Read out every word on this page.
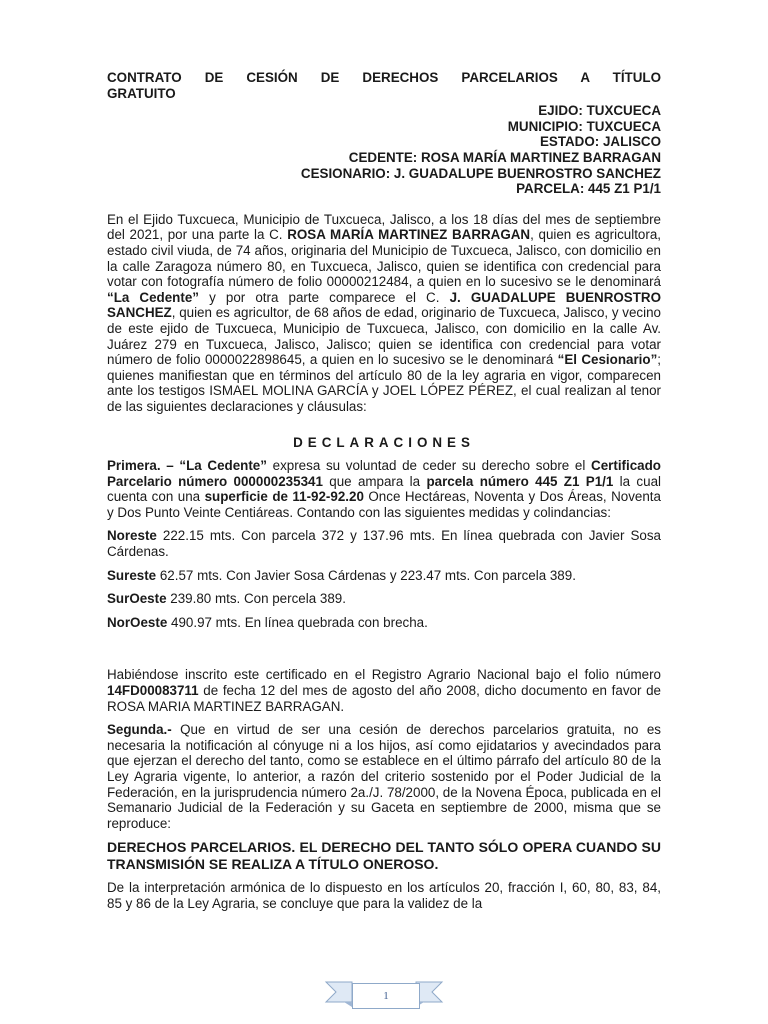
CONTRATO DE CESIÓN DE DERECHOS PARCELARIOS A TÍTULO
GRATUITO
EJIDO: TUXCUECA
MUNICIPIO: TUXCUECA
ESTADO: JALISCO
CEDENTE: ROSA MARÍA MARTINEZ BARRAGAN
CESIONARIO: J. GUADALUPE BUENROSTRO SANCHEZ
PARCELA: 445 Z1 P1/1

En el Ejido Tuxcueca, Municipio de Tuxcueca, Jalisco, a los 18 días del mes de septiembre del 2021, por una parte la C. ROSA MARÍA MARTINEZ BARRAGAN, quien es agricultora, estado civil viuda, de 74 años, originaria del Municipio de Tuxcueca, Jalisco, con domicilio en la calle Zaragoza número 80, en Tuxcueca, Jalisco, quien se identifica con credencial para votar con fotografía número de folio 00000212484, a quien en lo sucesivo se le denominará “La Cedente” y por otra parte comparece el C. J. GUADALUPE BUENROSTRO SANCHEZ, quien es agricultor, de 68 años de edad, originario de Tuxcueca, Jalisco, y vecino de este ejido de Tuxcueca, Municipio de Tuxcueca, Jalisco, con domicilio en la calle Av. Juárez 279 en Tuxcueca, Jalisco, Jalisco; quien se identifica con credencial para votar número de folio 0000022898645, a quien en lo sucesivo se le denominará “El Cesionario”; quienes manifiestan que en términos del artículo 80 de la ley agraria en vigor, comparecen ante los testigos ISMAEL MOLINA GARCÍA y JOEL LÓPEZ PÉREZ, el cual realizan al tenor de las siguientes declaraciones y cláusulas:

DECLARACIONES

Primera. – “La Cedente” expresa su voluntad de ceder su derecho sobre el Certificado Parcelario número 000000235341 que ampara la parcela número 445 Z1 P1/1 la cual cuenta con una superficie de 11-92-92.20 Once Hectáreas, Noventa y Dos Áreas, Noventa y Dos Punto Veinte Centiáreas. Contando con las siguientes medidas y colindancias:

Noreste 222.15 mts. Con parcela 372 y 137.96 mts. En línea quebrada con Javier Sosa Cárdenas.

Sureste 62.57 mts. Con Javier Sosa Cárdenas y 223.47 mts. Con parcela 389.

SurOeste 239.80 mts. Con percela 389.

NorOeste 490.97 mts. En línea quebrada con brecha.

Habiéndose inscrito este certificado en el Registro Agrario Nacional bajo el folio número 14FD00083711 de fecha 12 del mes de agosto del año 2008, dicho documento en favor de ROSA MARIA MARTINEZ BARRAGAN.

Segunda.- Que en virtud de ser una cesión de derechos parcelarios gratuita, no es necesaria la notificación al cónyuge ni a los hijos, así como ejidatarios y avecindados para que ejerzan el derecho del tanto, como se establece en el último párrafo del artículo 80 de la Ley Agraria vigente, lo anterior, a razón del criterio sostenido por el Poder Judicial de la Federación, en la jurisprudencia número 2a./J. 78/2000, de la Novena Época, publicada en el Semanario Judicial de la Federación y su Gaceta en septiembre de 2000, misma que se reproduce:

DERECHOS PARCELARIOS. EL DERECHO DEL TANTO SÓLO OPERA CUANDO SU TRANSMISIÓN SE REALIZA A TÍTULO ONEROSO.

De la interpretación armónica de lo dispuesto en los artículos 20, fracción I, 60, 80, 83, 84, 85 y 86 de la Ley Agraria, se concluye que para la validez de la

1
